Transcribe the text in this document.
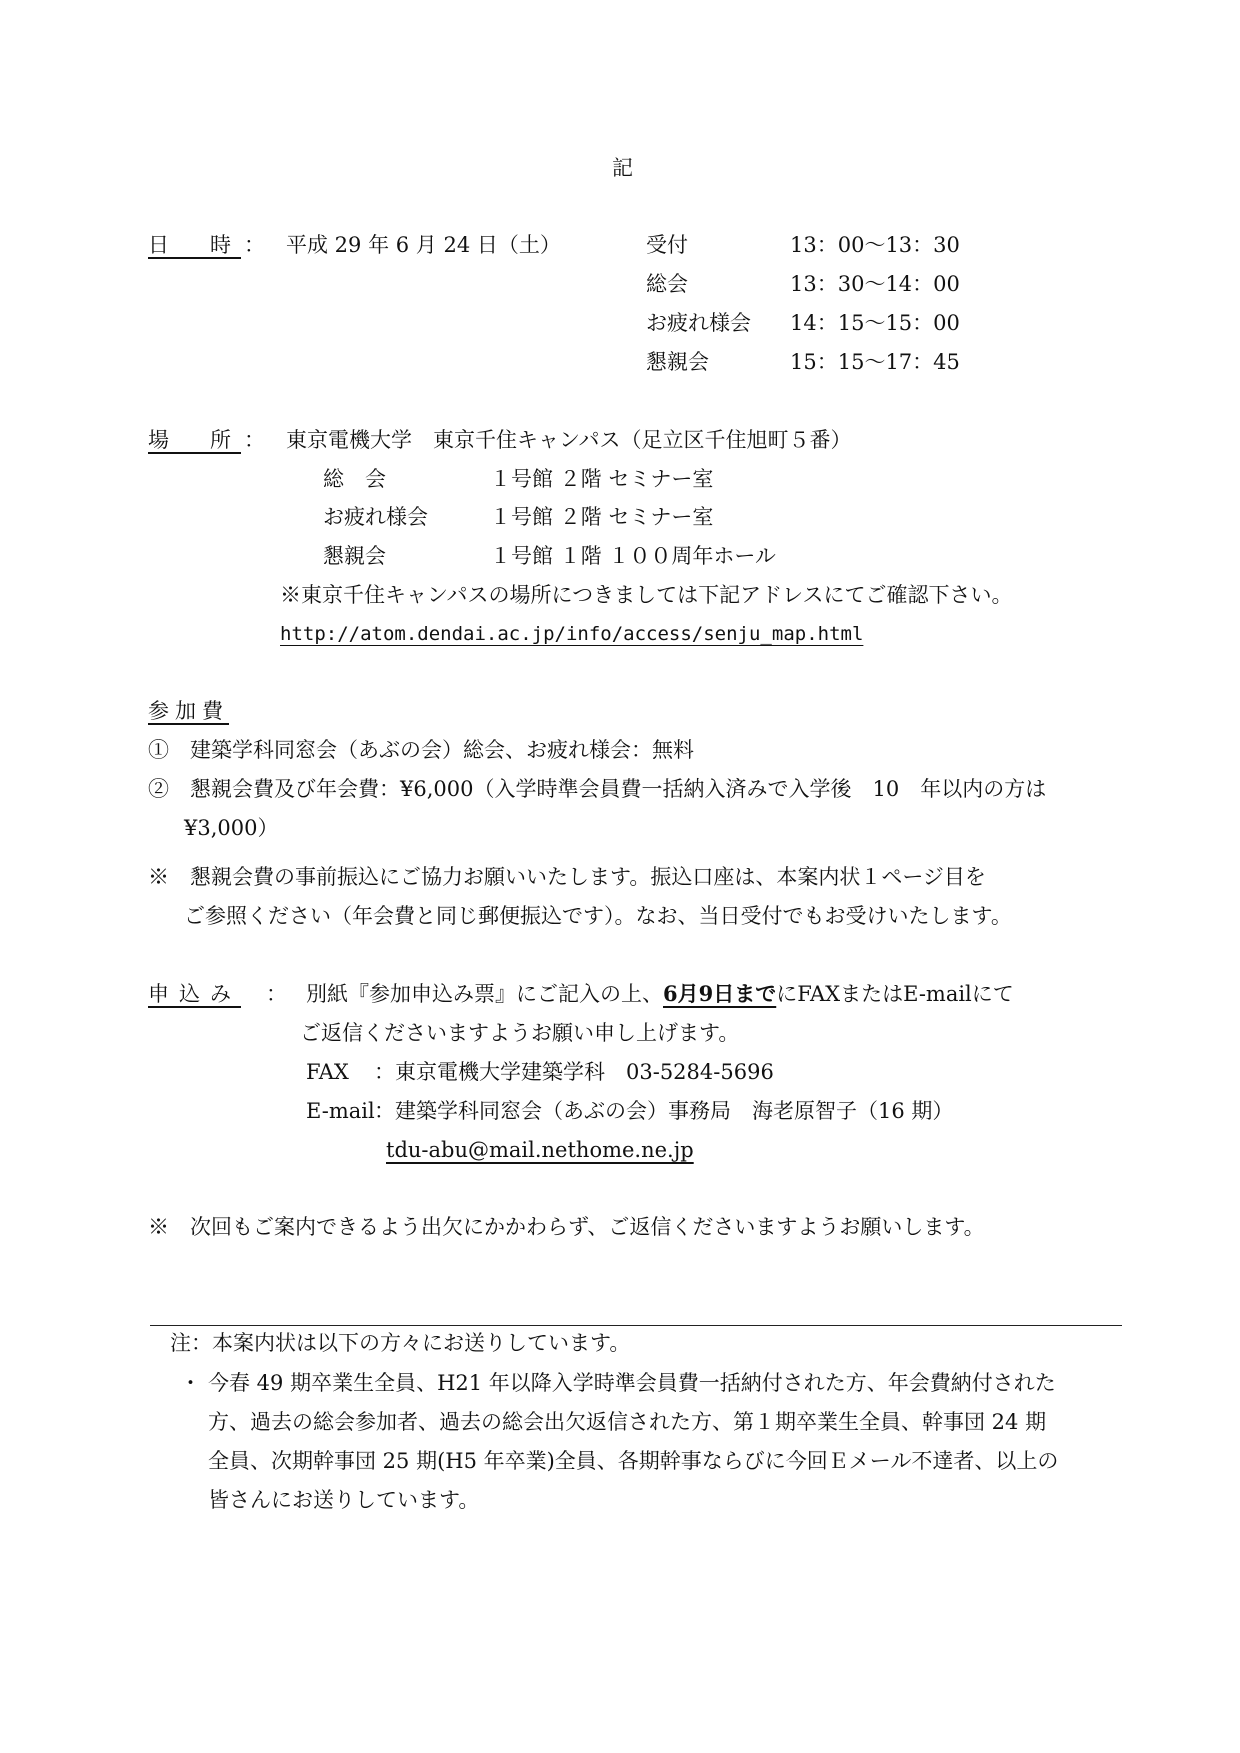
記
日　時 ： 平成 29 年 6 月 24 日（土）	受付	13：00〜13：30
総会	13：30〜14：00
お疲れ様会 14：15〜15：00
懇親会	15：15〜17：45
場　所 ： 東京電機大学　東京千住キャンパス（足立区千住旭町５番）
総　会	１号館 ２階 セミナー室
お疲れ様会	１号館 ２階 セミナー室
懇親会	１号館 １階 １００周年ホール
※東京千住キャンパスの場所につきましては下記アドレスにてご確認下さい。
http://atom.dendai.ac.jp/info/access/senju_map.html
参加費
①　建築学科同窓会（あぶの会）総会、お疲れ様会：無料
②　懇親会費及び年会費：¥6,000（入学時準会員費一括納入済みで入学後　10　年以内の方は
¥3,000）
※　懇親会費の事前振込にご協力お願いいたします。振込口座は、本案内状１ページ目を
ご参照ください（年会費と同じ郵便振込です）。なお、当日受付でもお受けいたします。
申込み ： 別紙『参加申込み票』にご記入の上、6月9日までにFAXまたはE-mailにて
ご返信くださいますようお願い申し上げます。
FAX ：東京電機大学建築学科　03-5284-5696
E-mail ：建築学科同窓会（あぶの会）事務局　海老原智子（16 期）
tdu-abu@mail.nethome.ne.jp
※　次回もご案内できるよう出欠にかかわらず、ご返信くださいますようお願いします。
注：本案内状は以下の方々にお送りしています。
・ 今春 49 期卒業生全員、H21 年以降入学時準会員費一括納付された方、年会費納付された
方、過去の総会参加者、過去の総会出欠返信された方、第１期卒業生全員、幹事団 24 期
全員、次期幹事団 25 期(H5 年卒業)全員、各期幹事ならびに今回Ｅメール不達者、以上の
皆さんにお送りしています。
